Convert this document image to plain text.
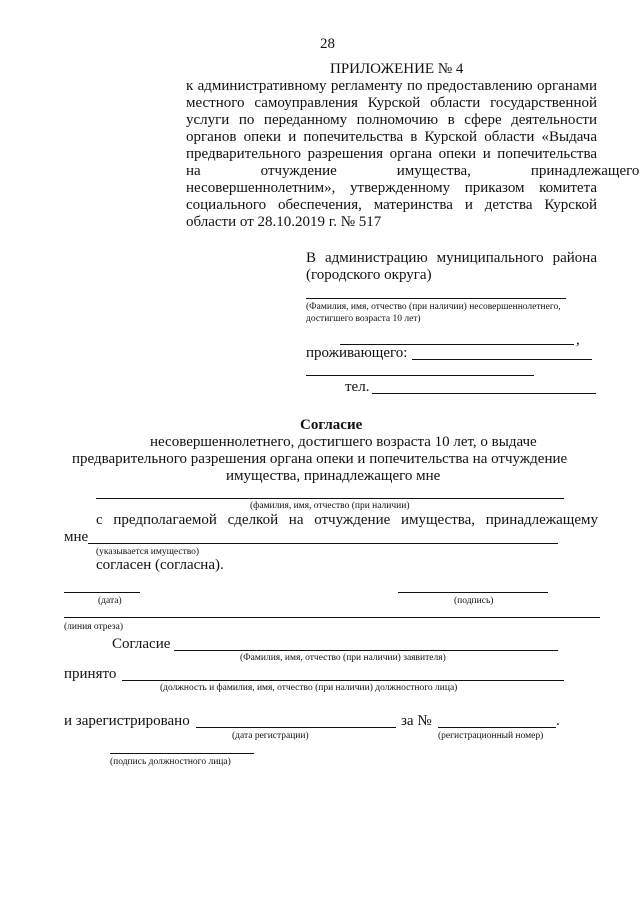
28
ПРИЛОЖЕНИЕ № 4
к административному регламенту по предоставлению органами
местного самоуправления Курской области государственной
услуги по переданному полномочию в сфере деятельности
органов опеки и попечительства в Курской области «Выдача
предварительного разрешения органа опеки и попечительства
на                отчуждение                имущества,                принадлежащего
несовершеннолетним»,  утвержденному  приказом  комитета
социального  обеспечения,  материнства  и  детства  Курской
области от 28.10.2019 г. № 517
В  администрацию  муниципального  района
(городского округа)
(Фамилия, имя, отчество (при наличии) несовершеннолетнего,
достигшего возраста 10 лет)
,
проживающего:
тел.
Согласие
несовершеннолетнего, достигшего возраста 10 лет, о выдаче
предварительного разрешения органа опеки и попечительства на отчуждение
имущества, принадлежащего мне
(фамилия, имя, отчество (при наличии)
с  предполагаемой  сделкой  на  отчуждение  имущества,  принадлежащему
мне
(указывается имущество)
согласен (согласна).
(дата)	(подпись)
(линия отреза)
Согласие
(Фамилия, имя, отчество (при наличии) заявителя)
принято
(должность и фамилия, имя, отчество (при наличии) должностного лица)
и зарегистрировано	за №	.
(дата регистрации)	(регистрационный номер)
(подпись должностного лица)
